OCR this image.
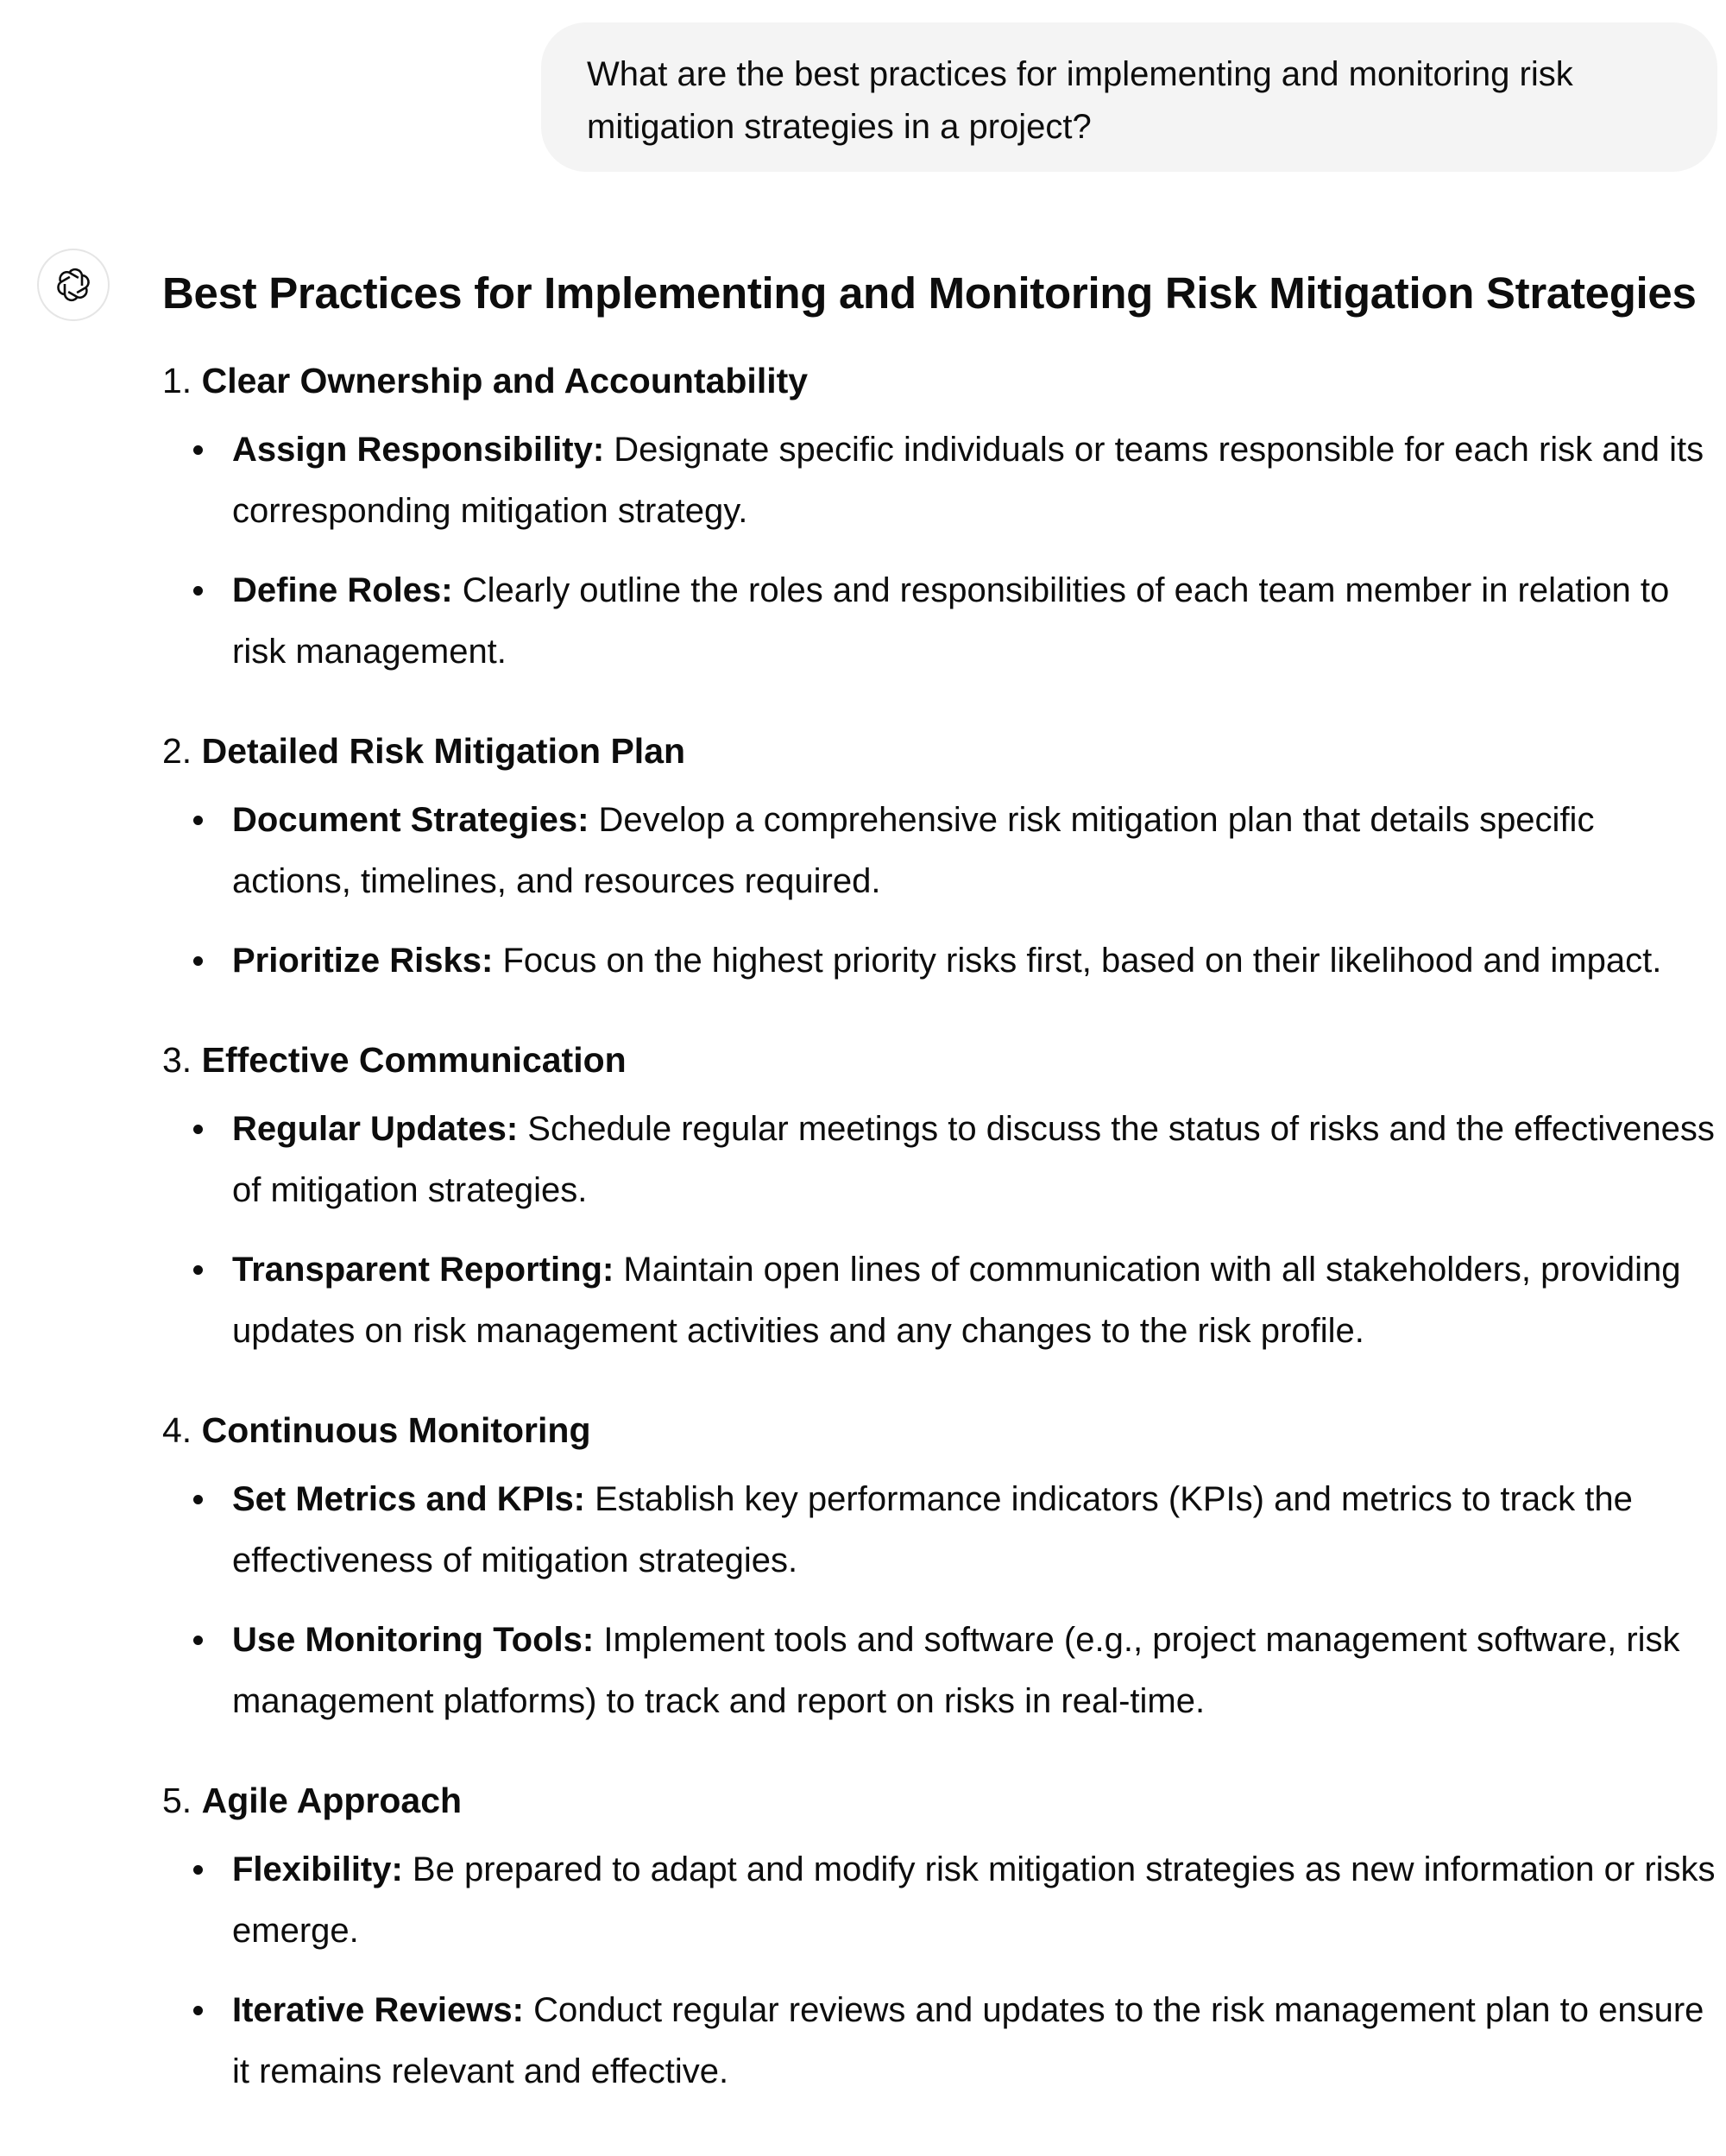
What are the best practices for implementing and monitoring risk mitigation strategies in a project?
Best Practices for Implementing and Monitoring Risk Mitigation Strategies
1. Clear Ownership and Accountability
Assign Responsibility: Designate specific individuals or teams responsible for each risk and its corresponding mitigation strategy.
Define Roles: Clearly outline the roles and responsibilities of each team member in relation to risk management.
2. Detailed Risk Mitigation Plan
Document Strategies: Develop a comprehensive risk mitigation plan that details specific actions, timelines, and resources required.
Prioritize Risks: Focus on the highest priority risks first, based on their likelihood and impact.
3. Effective Communication
Regular Updates: Schedule regular meetings to discuss the status of risks and the effectiveness of mitigation strategies.
Transparent Reporting: Maintain open lines of communication with all stakeholders, providing updates on risk management activities and any changes to the risk profile.
4. Continuous Monitoring
Set Metrics and KPIs: Establish key performance indicators (KPIs) and metrics to track the effectiveness of mitigation strategies.
Use Monitoring Tools: Implement tools and software (e.g., project management software, risk management platforms) to track and report on risks in real-time.
5. Agile Approach
Flexibility: Be prepared to adapt and modify risk mitigation strategies as new information or risks emerge.
Iterative Reviews: Conduct regular reviews and updates to the risk management plan to ensure it remains relevant and effective.
